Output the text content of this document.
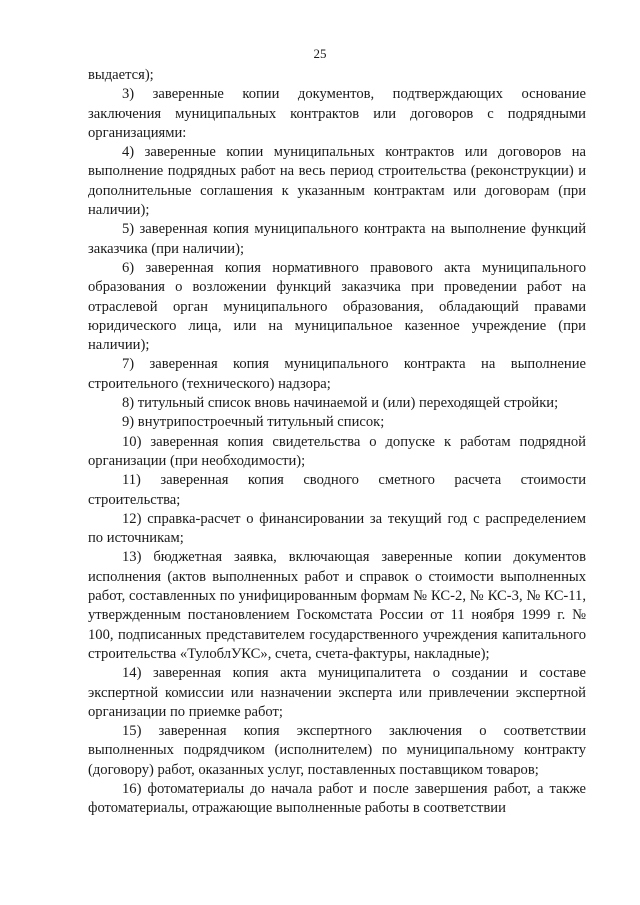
25

выдается);

3) заверенные копии документов, подтверждающих основание заключения муниципальных контрактов или договоров с подрядными организациями:

4) заверенные копии муниципальных контрактов или договоров на выполнение подрядных работ на весь период строительства (реконструкции) и дополнительные соглашения к указанным контрактам или договорам (при наличии);

5) заверенная копия муниципального контракта на выполнение функций заказчика (при наличии);

6) заверенная копия нормативного правового акта муниципального образования о возложении функций заказчика при проведении работ на отраслевой орган муниципального образования, обладающий правами юридического лица, или на муниципальное казенное учреждение (при наличии);

7) заверенная копия муниципального контракта на выполнение строительного (технического) надзора;

8) титульный список вновь начинаемой и (или) переходящей стройки;

9) внутрипостроечный титульный список;

10) заверенная копия свидетельства о допуске к работам подрядной организации (при необходимости);

11) заверенная копия сводного сметного расчета стоимости строительства;

12) справка-расчет о финансировании за текущий год с распределением по источникам;

13) бюджетная заявка, включающая заверенные копии документов исполнения (актов выполненных работ и справок о стоимости выполненных работ, составленных по унифицированным формам № КС-2, № КС-3, № КС-11, утвержденным постановлением Госкомстата России от 11 ноября 1999 г. № 100, подписанных представителем государственного учреждения капитального строительства «ТулоблУКС», счета, счета-фактуры, накладные);

14) заверенная копия акта муниципалитета о создании и составе экспертной комиссии или назначении эксперта или привлечении экспертной организации по приемке работ;

15) заверенная копия экспертного заключения о соответствии выполненных подрядчиком (исполнителем) по муниципальному контракту (договору) работ, оказанных услуг, поставленных поставщиком товаров;

16) фотоматериалы до начала работ и после завершения работ, а также фотоматериалы, отражающие выполненные работы в соответствии
